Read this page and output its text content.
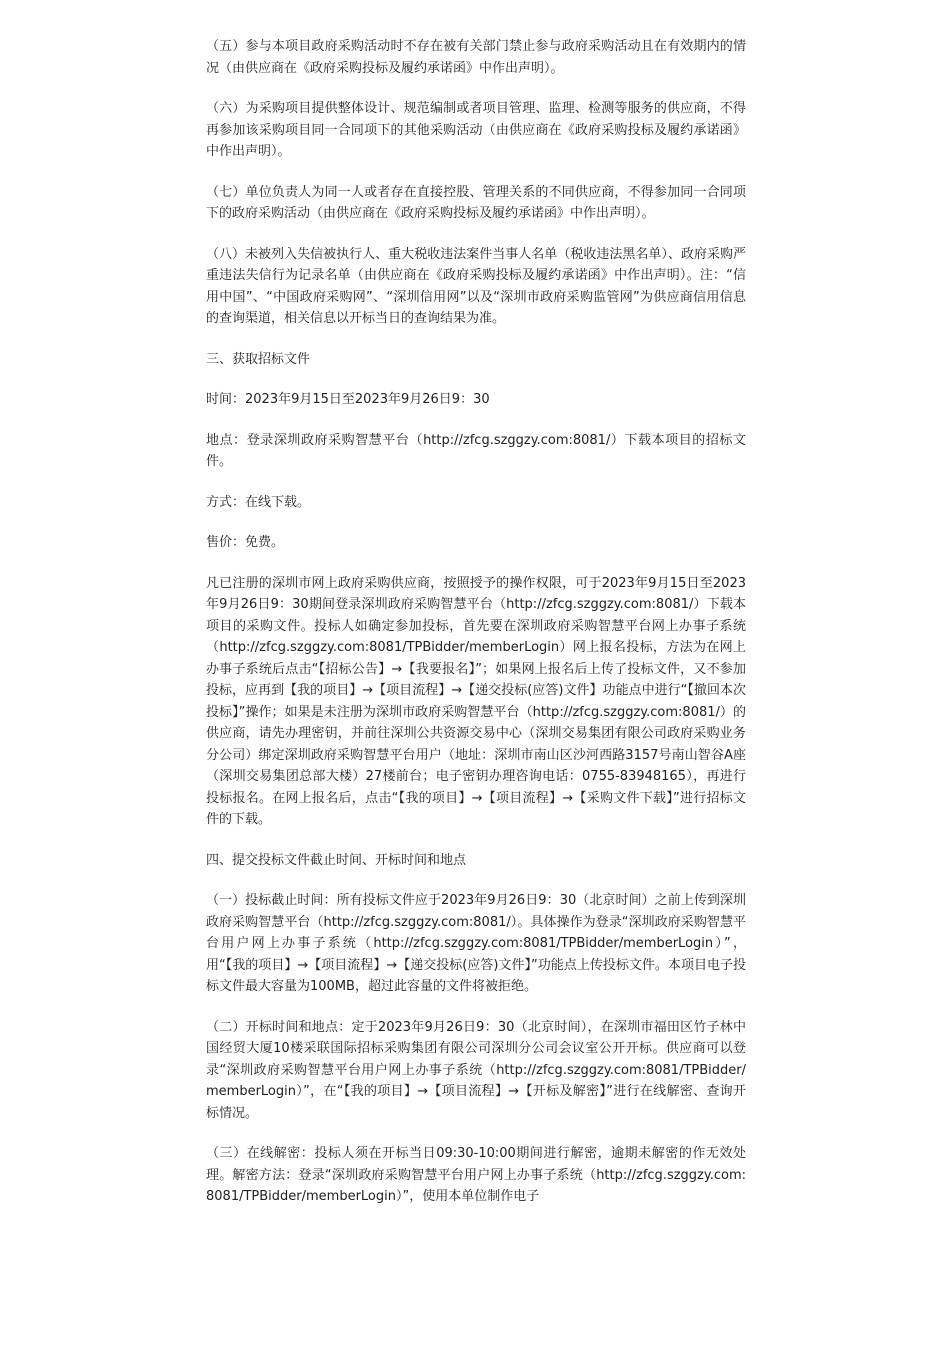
（五）参与本项目政府采购活动时不存在被有关部门禁止参与政府采购活动且在有效期内的情况（由供应商在《政府采购投标及履约承诺函》中作出声明）。

（六）为采购项目提供整体设计、规范编制或者项目管理、监理、检测等服务的供应商，不得再参加该采购项目同一合同项下的其他采购活动（由供应商在《政府采购投标及履约承诺函》中作出声明）。

（七）单位负责人为同一人或者存在直接控股、管理关系的不同供应商，不得参加同一合同项下的政府采购活动（由供应商在《政府采购投标及履约承诺函》中作出声明）。

（八）未被列入失信被执行人、重大税收违法案件当事人名单（税收违法黑名单）、政府采购严重违法失信行为记录名单（由供应商在《政府采购投标及履约承诺函》中作出声明）。注：“信用中国”、“中国政府采购网”、“深圳信用网”以及“深圳市政府采购监管网”为供应商信用信息的查询渠道，相关信息以开标当日的查询结果为准。

三、获取招标文件

时间：2023年9月15日至2023年9月26日9：30

地点：登录深圳政府采购智慧平台（http://zfcg.szggzy.com:8081/）下载本项目的招标文件。

方式：在线下载。

售价：免费。

凡已注册的深圳市网上政府采购供应商，按照授予的操作权限，可于2023年9月15日至2023年9月26日9：30期间登录深圳政府采购智慧平台（http://zfcg.szggzy.com:8081/）下载本项目的采购文件。投标人如确定参加投标，首先要在深圳政府采购智慧平台网上办事子系统（http://zfcg.szggzy.com:8081/TPBidder/memberLogin）网上报名投标，方法为在网上办事子系统后点击“【招标公告】→【我要报名】”；如果网上报名后上传了投标文件，又不参加投标，应再到【我的项目】→【项目流程】→【递交投标(应答)文件】功能点中进行“【撤回本次投标】”操作；如果是未注册为深圳市政府采购智慧平台（http://zfcg.szggzy.com:8081/）的供应商，请先办理密钥，并前往深圳公共资源交易中心（深圳交易集团有限公司政府采购业务分公司）绑定深圳政府采购智慧平台用户（地址：深圳市南山区沙河西路3157号南山智谷A座（深圳交易集团总部大楼）27楼前台；电子密钥办理咨询电话：0755-83948165），再进行投标报名。在网上报名后，点击“【我的项目】→【项目流程】→【采购文件下载】”进行招标文件的下载。

四、提交投标文件截止时间、开标时间和地点

（一）投标截止时间：所有投标文件应于2023年9月26日9：30（北京时间）之前上传到深圳政府采购智慧平台（http://zfcg.szggzy.com:8081/）。具体操作为登录“深圳政府采购智慧平台用户网上办事子系统（http://zfcg.szggzy.com:8081/TPBidder/memberLogin）”，用“【我的项目】→【项目流程】→【递交投标(应答)文件】”功能点上传投标文件。本项目电子投标文件最大容量为100MB，超过此容量的文件将被拒绝。

（二）开标时间和地点：定于2023年9月26日9：30（北京时间），在深圳市福田区竹子林中国经贸大厦10楼采联国际招标采购集团有限公司深圳分公司会议室公开开标。供应商可以登录“深圳政府采购智慧平台用户网上办事子系统（http://zfcg.szggzy.com:8081/TPBidder/memberLogin）”，在“【我的项目】→【项目流程】→【开标及解密】”进行在线解密、查询开标情况。

（三）在线解密：投标人须在开标当日09:30-10:00期间进行解密，逾期未解密的作无效处理。解密方法：登录“深圳政府采购智慧平台用户网上办事子系统（http://zfcg.szggzy.com:8081/TPBidder/memberLogin）”，使用本单位制作电子
